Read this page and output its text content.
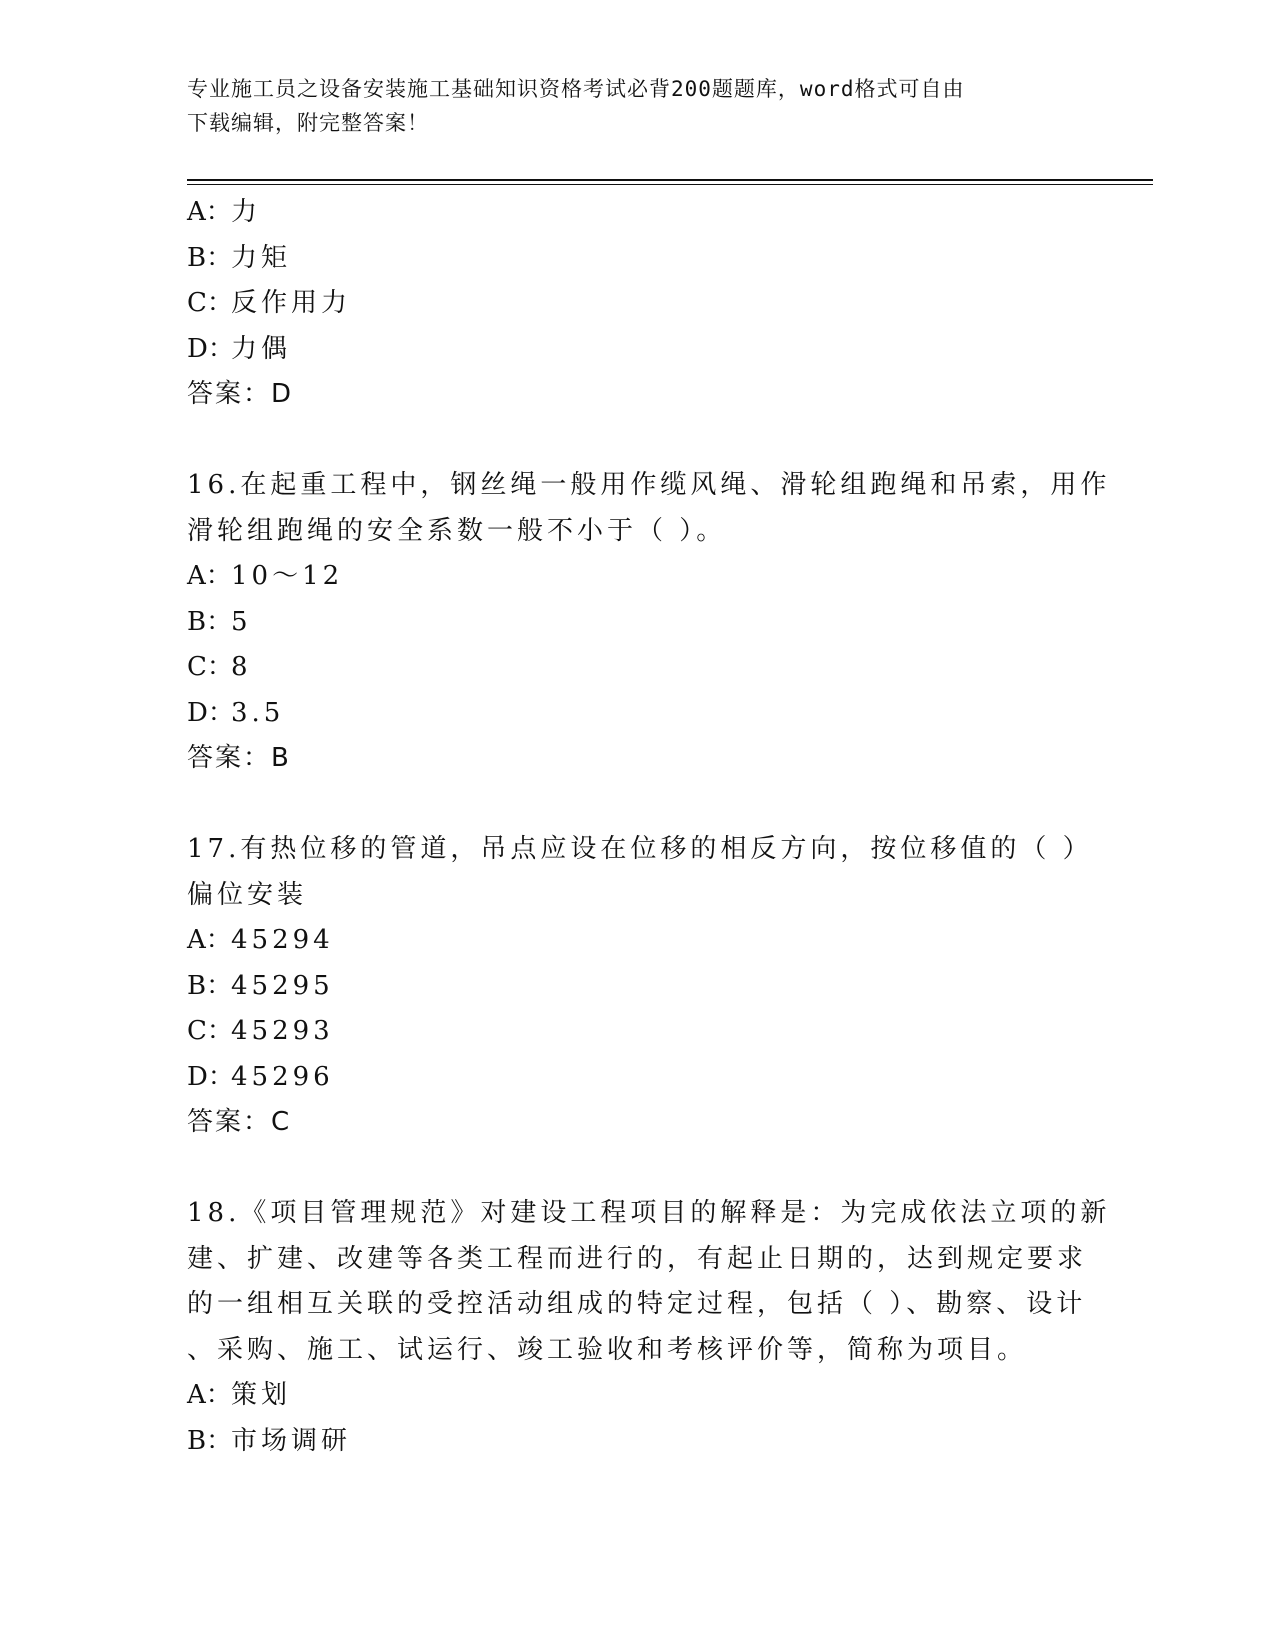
专业施工员之设备安装施工基础知识资格考试必背200题题库，word格式可自由
下载编辑，附完整答案！
A：力
B：力矩
C：反作用力
D：力偶
答案：D
16.在起重工程中，钢丝绳一般用作缆风绳、滑轮组跑绳和吊索，用作
滑轮组跑绳的安全系数一般不小于（ ）。
A：10～12
B：5
C：8
D：3.5
答案：B
17.有热位移的管道，吊点应设在位移的相反方向，按位移值的（ ）
偏位安装
A：45294
B：45295
C：45293
D：45296
答案：C
18.《项目管理规范》对建设工程项目的解释是：为完成依法立项的新
建、扩建、改建等各类工程而进行的，有起止日期的，达到规定要求
的一组相互关联的受控活动组成的特定过程，包括（ ）、勘察、设计
、采购、施工、试运行、竣工验收和考核评价等，简称为项目。
A：策划
B：市场调研
